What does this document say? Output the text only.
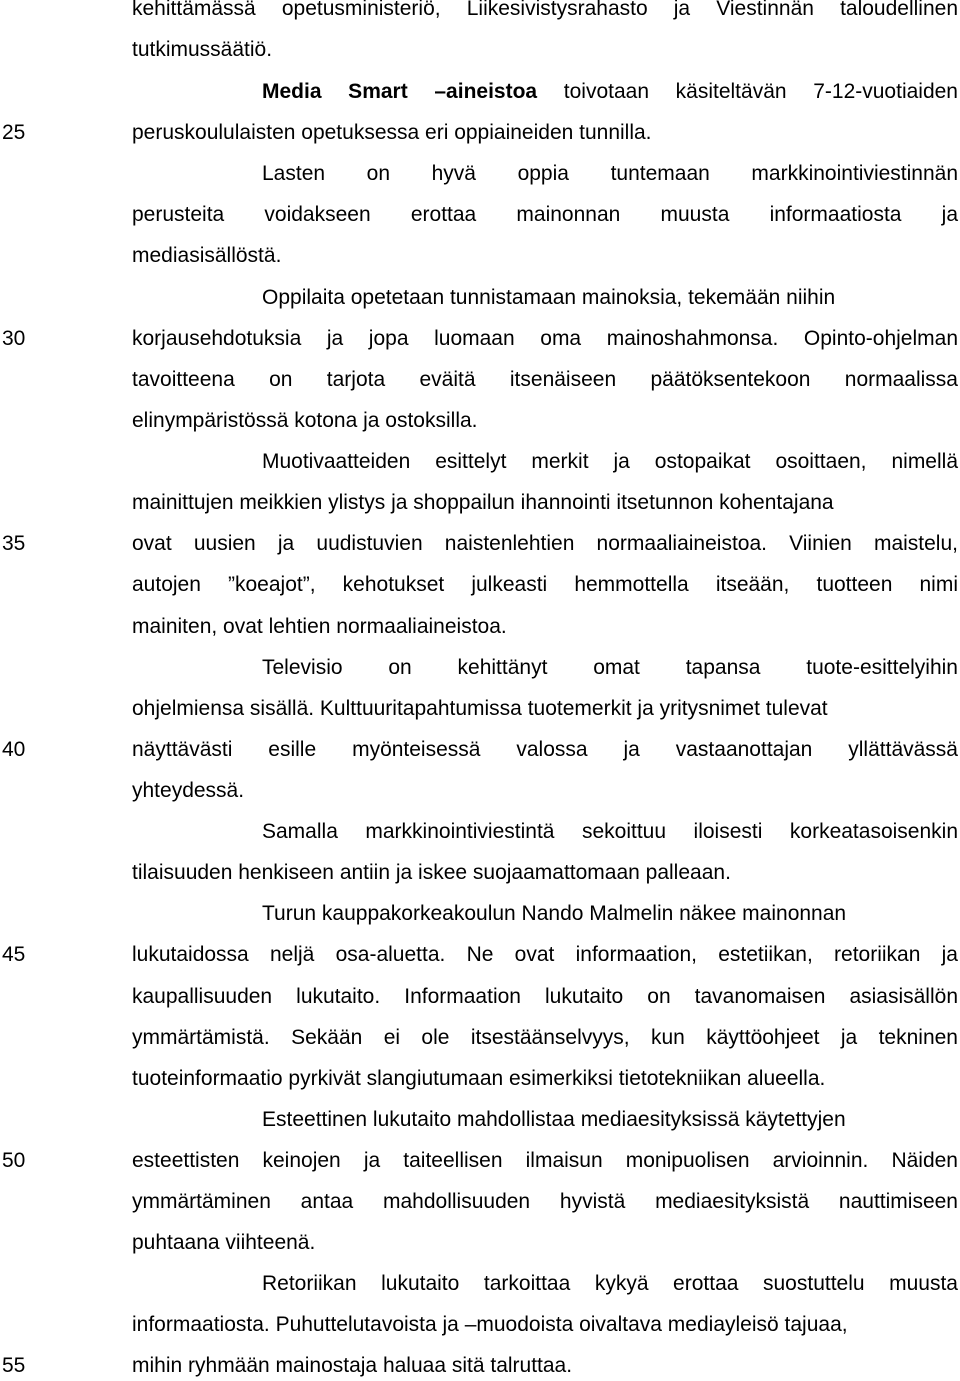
25
30
35
40
45
50
55
kehittämässä opetusministeriö, Liikesivistysrahasto ja Viestinnän taloudellinen
tutkimussäätiö.
Media Smart –aineistoa toivotaan käsiteltävän 7-12-vuotiaiden
peruskoululaisten opetuksessa eri oppiaineiden tunnilla.
Lasten on hyvä oppia tuntemaan markkinointiviestinnän
perusteita voidakseen erottaa mainonnan muusta informaatiosta ja
mediasisällöstä.
Oppilaita opetetaan tunnistamaan mainoksia, tekemään niihin
korjausehdotuksia ja jopa luomaan oma mainoshahmonsa. Opinto-ohjelman
tavoitteena on tarjota eväitä itsenäiseen päätöksentekoon normaalissa
elinympäristössä kotona ja ostoksilla.
Muotivaatteiden esittelyt merkit ja ostopaikat osoittaen, nimellä
mainittujen meikkien ylistys ja shoppailun ihannointi itsetunnon kohentajana
ovat uusien ja uudistuvien naistenlehtien normaaliaineistoa. Viinien maistelu,
autojen ”koeajot”, kehotukset julkeasti hemmottella itseään, tuotteen nimi
mainiten, ovat lehtien normaaliaineistoa.
Televisio on kehittänyt omat tapansa tuote-esittelyihin
ohjelmiensa sisällä. Kulttuuritapahtumissa tuotemerkit ja yritysnimet tulevat
näyttävästi esille myönteisessä valossa ja vastaanottajan yllättävässä
yhteydessä.
Samalla markkinointiviestintä sekoittuu iloisesti korkeatasoisenkin
tilaisuuden henkiseen antiin ja iskee suojaamattomaan palleaan.
Turun kauppakorkeakoulun Nando Malmelin näkee mainonnan
lukutaidossa neljä osa-aluetta. Ne ovat informaation, estetiikan, retoriikan ja
kaupallisuuden lukutaito. Informaation lukutaito on tavanomaisen asiasisällön
ymmärtämistä. Sekään ei ole itsestäänselvyys, kun käyttöohjeet ja tekninen
tuoteinformaatio pyrkivät slangiutumaan esimerkiksi tietotekniikan alueella.
Esteettinen lukutaito mahdollistaa mediaesityksissä käytettyjen
esteettisten keinojen ja taiteellisen ilmaisun monipuolisen arvioinnin. Näiden
ymmärtäminen antaa mahdollisuuden hyvistä mediaesityksistä nauttimiseen
puhtaana viihteenä.
Retoriikan lukutaito tarkoittaa kykyä erottaa suostuttelu muusta
informaatiosta. Puhuttelutavoista ja –muodoista oivaltava mediayleisö tajuaa,
mihin ryhmään mainostaja haluaa sitä talruttaa.
